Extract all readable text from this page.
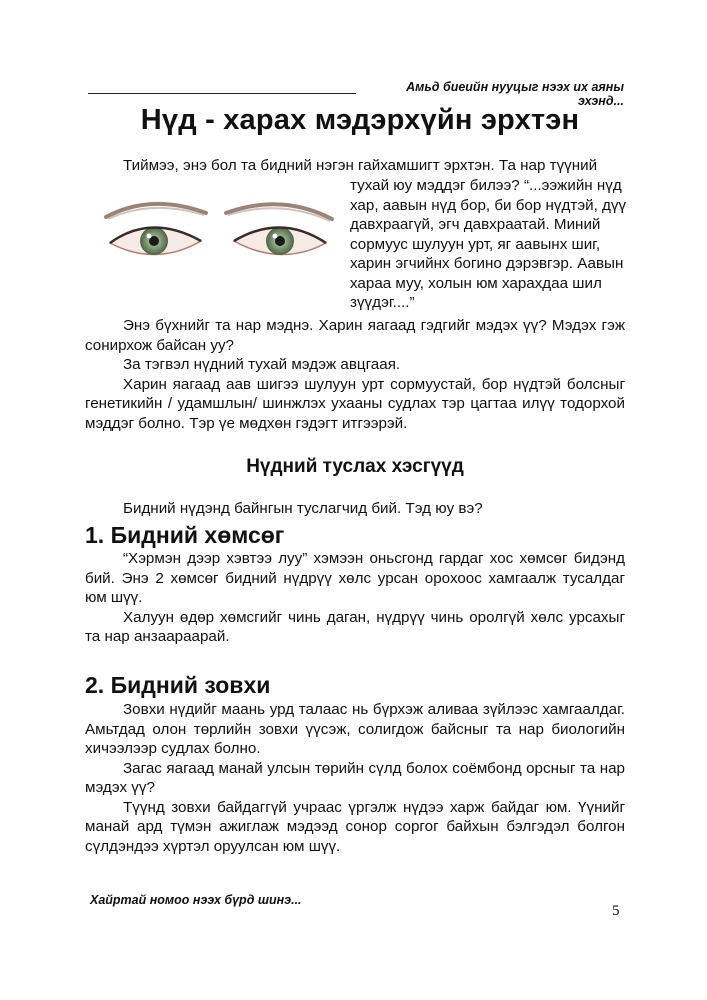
Амьд биеийн нууцыг нээх их аяны эхэнд...
Нүд - харах мэдэрхүйн эрхтэн

Тиймээ, энэ бол та бидний нэгэн гайхамшигт эрхтэн. Та нар түүний

тухай юу мэддэг билээ? “...ээжийн нүд хар, аавын нүд бор, би бор нүдтэй, дүү давхраагүй, эгч давхраатай. Миний сормуус шулуун урт, яг аавынх шиг, харин эгчийнх богино дэрэвгэр. Аавын хараа муу, холын юм харахдаа шил зүүдэг....”

Энэ бүхнийг та нар мэднэ. Харин яагаад гэдгийг мэдэх үү? Мэдэх гэж сонирхож байсан уу?

За тэгвэл нүдний тухай мэдэж авцгаая.

Харин яагаад аав шигээ шулуун урт сормуустай, бор нүдтэй болсныг генетикийн / удамшлын/ шинжлэх ухааны судлах тэр цагтаа илүү тодорхой мэддэг болно. Тэр үе мөдхөн гэдэгт итгээрэй.

Нүдний туслах хэсгүүд

Бидний нүдэнд байнгын туслагчид бий. Тэд юу вэ?

1. Бидний хөмсөг

“Хэрмэн дээр хэвтээ луу” хэмээн оньсгонд гардаг хос хөмсөг бидэнд бий. Энэ 2 хөмсөг бидний нүдрүү хөлс урсан орохоос хамгаалж тусалдаг юм шүү.

Халуун өдөр хөмсгийг чинь даган, нүдрүү чинь оролгүй хөлс урсахыг та нар анзаараарай.

2. Бидний зовхи

Зовхи нүдийг маань урд талаас нь бүрхэж аливаа зүйлээс хамгаалдаг. Амьтдад олон төрлийн зовхи үүсэж, солигдож байсныг та нар биологийн хичээлээр судлах болно.

Загас яагаад манай улсын төрийн сүлд болох соёмбонд орсныг та нар мэдэх үү?

Түүнд зовхи байдаггүй учраас үргэлж нүдээ харж байдаг юм. Үүнийг манай ард түмэн ажиглаж мэдээд сонор соргог байхын бэлгэдэл болгон сүлдэндээ хүртэл оруулсан юм шүү.

Хайртай номоо нээх бүрд шинэ...
5
